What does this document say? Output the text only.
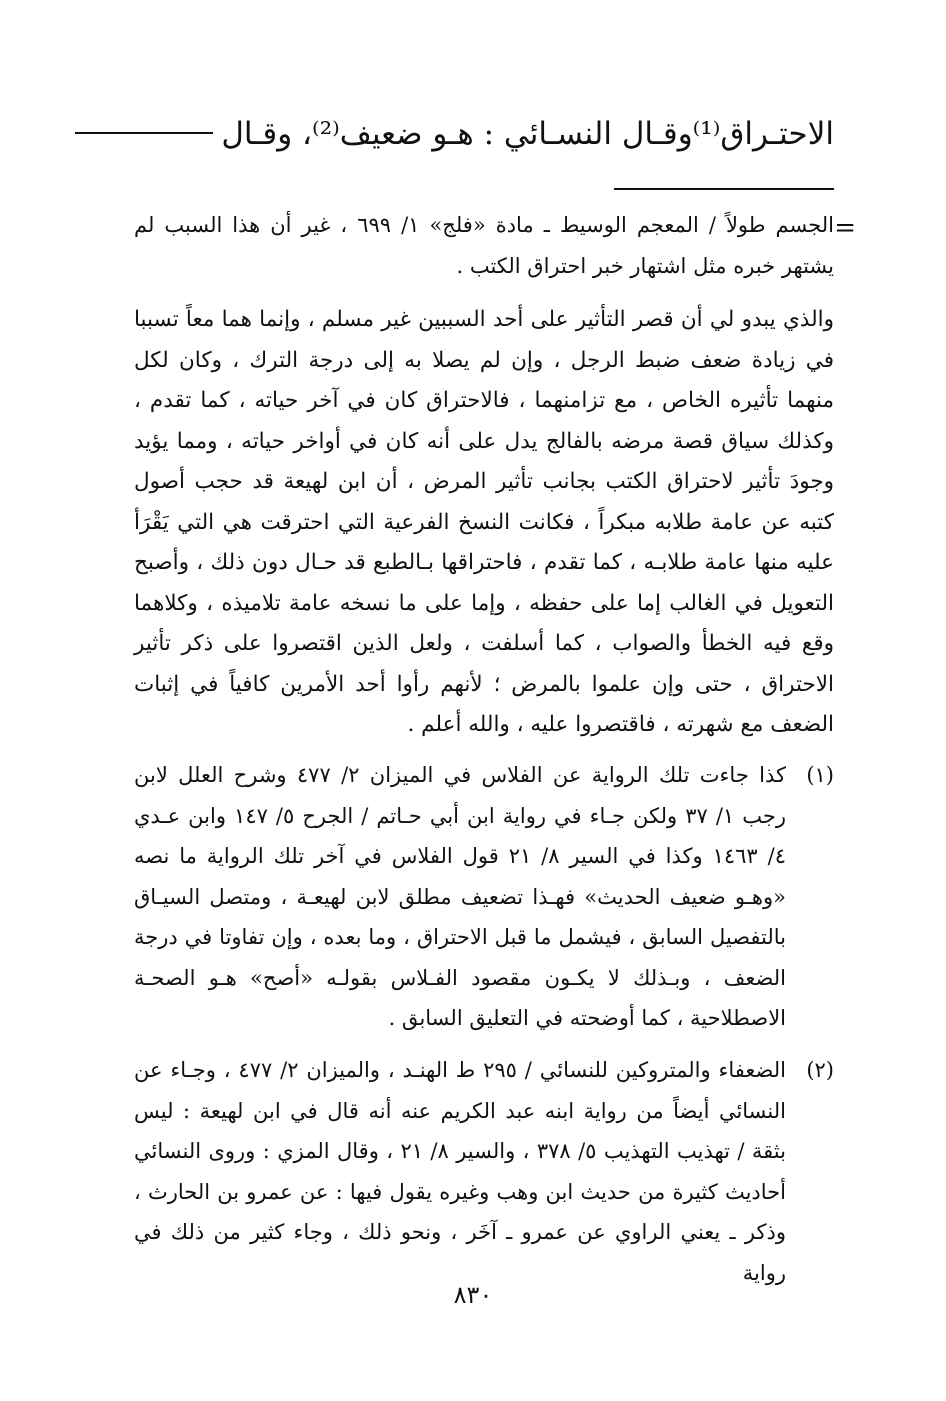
الاحتـراق⁽¹⁾وقـال النسـائي : هـو ضعيف⁽²⁾، وقـال
=
الجسم طولاً / المعجم الوسيط ـ مادة «فلج» ١/ ٦٩٩ ، غير أن هذا السبب لم يشتهر خبره مثل اشتهار خبر احتراق الكتب .
والذي يبدو لي أن قصر التأثير على أحد السببين غير مسلم ، وإنما هما معاً تسببا في زيادة ضعف ضبط الرجل ، وإن لم يصلا به إلى درجة الترك ، وكان لكل منهما تأثيره الخاص ، مع تزامنهما ، فالاحتراق كان في آخر حياته ، كما تقدم ، وكذلك سياق قصة مرضه بالفالج يدل على أنه كان في أواخر حياته ، ومما يؤيد وجودَ تأثير لاحتراق الكتب بجانب تأثير المرض ، أن ابن لهيعة قد حجب أصول كتبه عن عامة طلابه مبكراً ، فكانت النسخ الفرعية التي احترقت هي التي يَقْرَأ عليه منها عامة طلابـه ، كما تقدم ، فاحتراقها بـالطبع قد حـال دون ذلك ، وأصبح التعويل في الغالب إما على حفظه ، وإما على ما نسخه عامة تلاميذه ، وكلاهما وقع فيه الخطأ والصواب ، كما أسلفت ، ولعل الذين اقتصروا على ذكر تأثير الاحتراق ، حتى وإن علموا بالمرض ؛ لأنهم رأوا أحد الأمرين كافياً في إثبات الضعف مع شهرته ، فاقتصروا عليه ، والله أعلم .
(١)
كذا جاءت تلك الرواية عن الفلاس في الميزان ٢/ ٤٧٧ وشرح العلل لابن رجب ١/ ٣٧ ولكن جـاء في رواية ابن أبي حـاتم / الجرح ٥/ ١٤٧ وابن عـدي ٤/ ١٤٦٣ وكذا في السير ٨/ ٢١ قول الفلاس في آخر تلك الرواية ما نصه «وهـو ضعيف الحديث» فهـذا تضعيف مطلق لابن لهيعـة ، ومتصل السيـاق بالتفصيل السابق ، فيشمل ما قبل الاحتراق ، وما بعده ، وإن تفاوتا في درجة الضعف ، وبـذلك لا يكـون مقصود الفـلاس بقولـه «أصح» هـو الصحـة الاصطلاحية ، كما أوضحته في التعليق السابق .
(٢)
الضعفاء والمتروكين للنسائي / ٢٩٥ ط الهنـد ، والميزان ٢/ ٤٧٧ ، وجـاء عن النسائي أيضاً من رواية ابنه عبد الكريم عنه أنه قال في ابن لهيعة : ليس بثقة / تهذيب التهذيب ٥/ ٣٧٨ ، والسير ٨/ ٢١ ، وقال المزي : وروى النسائي أحاديث كثيرة من حديث ابن وهب وغيره يقول فيها : عن عمرو بن الحارث ، وذكر ـ يعني الراوي عن عمرو ـ آخَر ، ونحو ذلك ، وجاء كثير من ذلك في رواية
٨٣٠
